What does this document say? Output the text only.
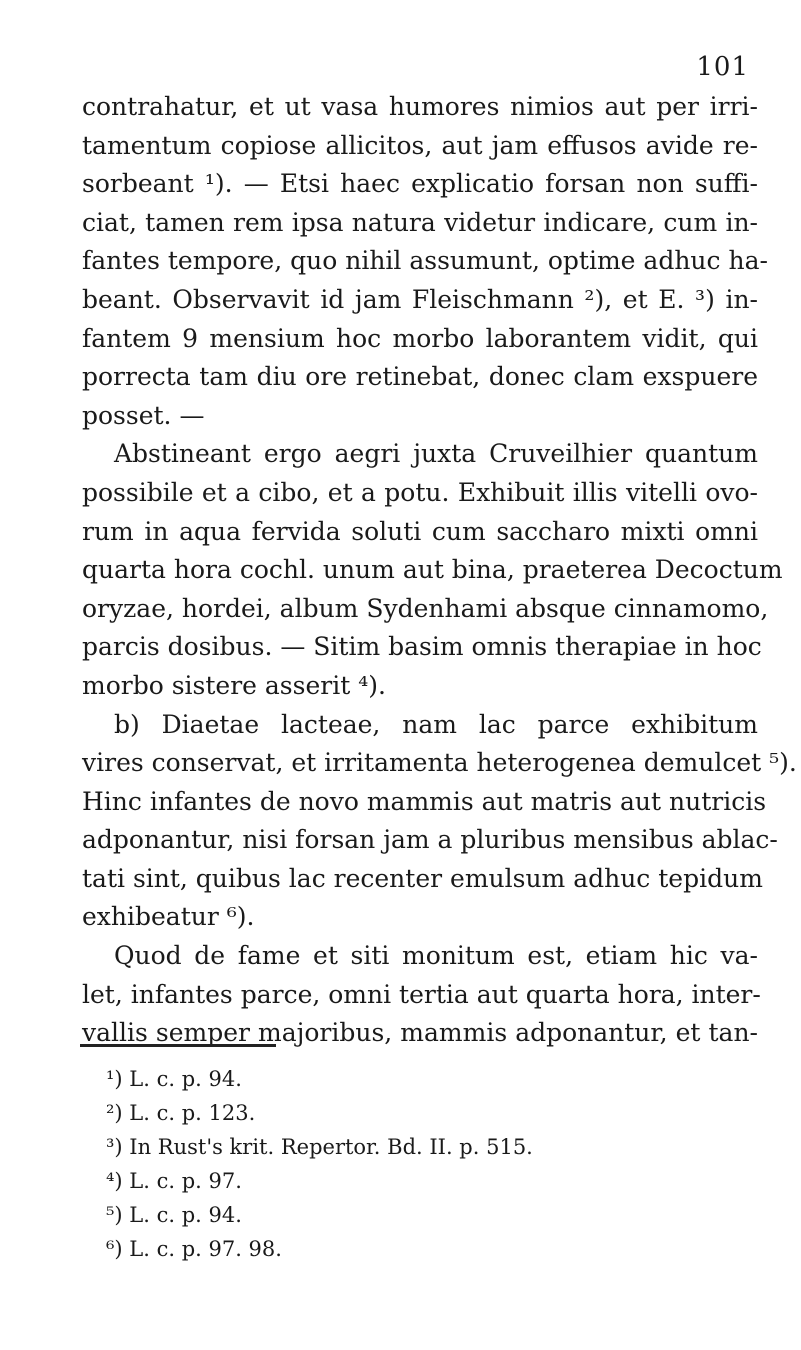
101
contrahatur, et ut vasa humores nimios aut per irri-
tamentum copiose allicitos, aut jam effusos avide re-
sorbeant ¹). — Etsi haec explicatio forsan non suffi-
ciat, tamen rem ipsa natura videtur indicare, cum in-
fantes tempore, quo nihil assumunt, optime adhuc ha-
beant. Observavit id jam Fleischmann ²), et E. ³) in-
fantem 9 mensium hoc morbo laborantem vidit, qui
porrecta tam diu ore retinebat, donec clam exspuere
posset. —
Abstineant ergo aegri juxta Cruveilhier quantum
possibile et a cibo, et a potu. Exhibuit illis vitelli ovo-
rum in aqua fervida soluti cum saccharo mixti omni
quarta hora cochl. unum aut bina, praeterea Decoctum
oryzae, hordei, album Sydenhami absque cinnamomo,
parcis dosibus. — Sitim basim omnis therapiae in hoc
morbo sistere asserit ⁴).
b) Diaetae lacteae, nam lac parce exhibitum
vires conservat, et irritamenta heterogenea demulcet ⁵).
Hinc infantes de novo mammis aut matris aut nutricis
adponantur, nisi forsan jam a pluribus mensibus ablac-
tati sint, quibus lac recenter emulsum adhuc tepidum
exhibeatur ⁶).
Quod de fame et siti monitum est, etiam hic va-
let, infantes parce, omni tertia aut quarta hora, inter-
vallis semper majoribus, mammis adponantur, et tan-
¹) L. c. p. 94.
²) L. c. p. 123.
³) In Rust's krit. Repertor. Bd. II. p. 515.
⁴) L. c. p. 97.
⁵) L. c. p. 94.
⁶) L. c. p. 97. 98.
